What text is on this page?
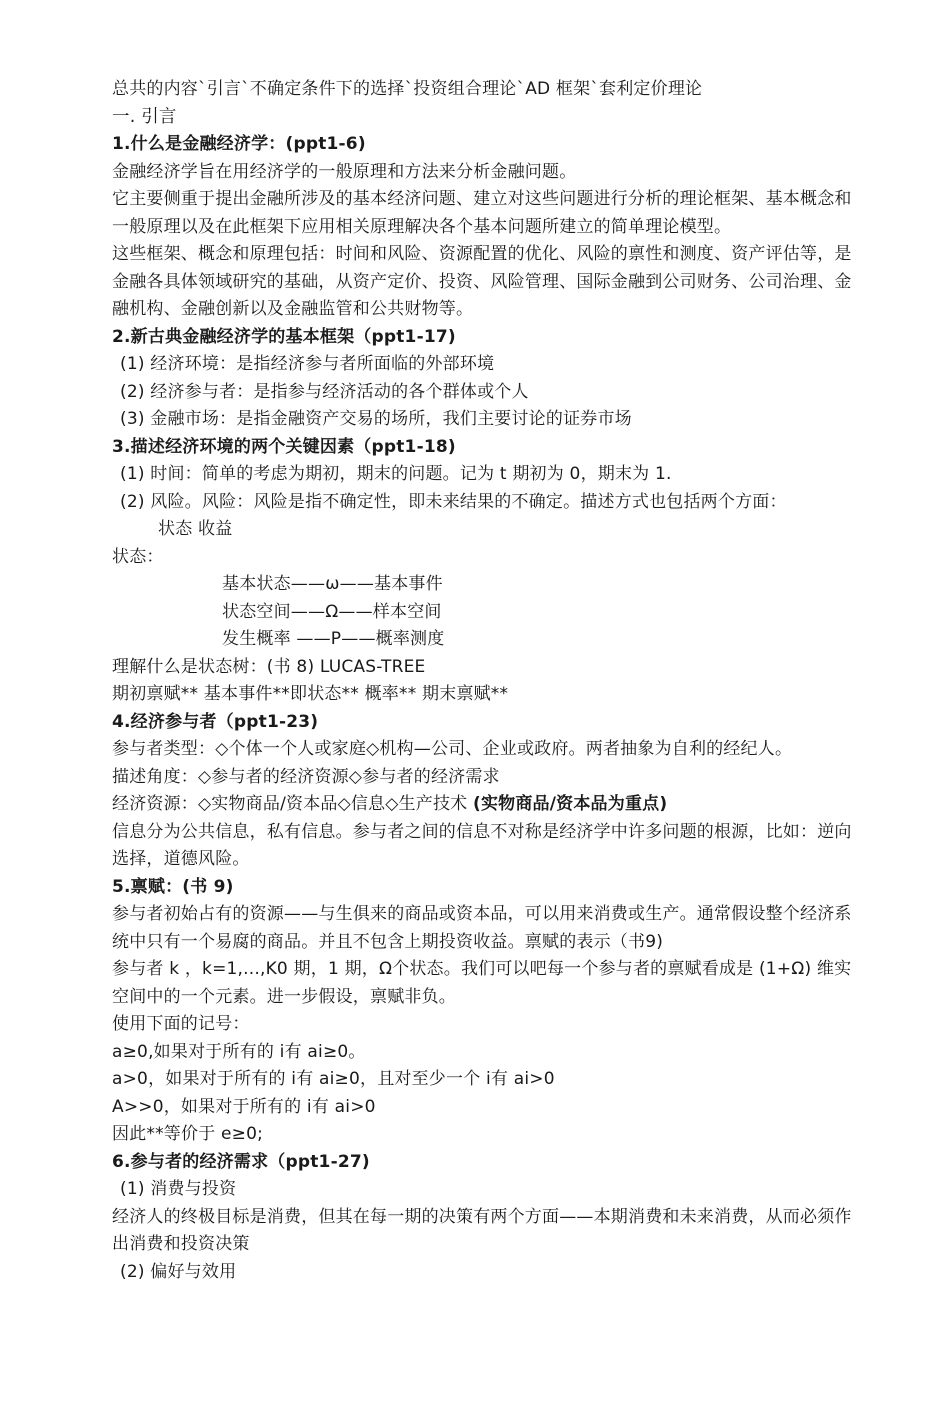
总共的内容`引言`不确定条件下的选择`投资组合理论`AD 框架`套利定价理论
一. 引言
1.什么是金融经济学：(ppt1-6)
金融经济学旨在用经济学的一般原理和方法来分析金融问题。
它主要侧重于提出金融所涉及的基本经济问题、建立对这些问题进行分析的理论框架、基本概念和一般原理以及在此框架下应用相关原理解决各个基本问题所建立的简单理论模型。
这些框架、概念和原理包括：时间和风险、资源配置的优化、风险的禀性和测度、资产评估等，是金融各具体领域研究的基础，从资产定价、投资、风险管理、国际金融到公司财务、公司治理、金融机构、金融创新以及金融监管和公共财物等。
2.新古典金融经济学的基本框架（ppt1-17)
(1) 经济环境：是指经济参与者所面临的外部环境
(2) 经济参与者：是指参与经济活动的各个群体或个人
(3) 金融市场：是指金融资产交易的场所，我们主要讨论的证券市场
3.描述经济环境的两个关键因素（ppt1-18)
(1) 时间：简单的考虑为期初，期末的问题。记为 t 期初为 0，期末为 1.
(2) 风险。风险：风险是指不确定性，即未来结果的不确定。描述方式也包括两个方面：
状态 收益
状态：
基本状态——ω——基本事件
状态空间——Ω——样本空间
发生概率 ——P——概率测度
理解什么是状态树：(书 8) LUCAS-TREE
期初禀赋** 基本事件**即状态** 概率** 期末禀赋**
4.经济参与者（ppt1-23)
参与者类型：◇个体一个人或家庭◇机构—公司、企业或政府。两者抽象为自利的经纪人。
描述角度：◇参与者的经济资源◇参与者的经济需求
经济资源：◇实物商品/资本品◇信息◇生产技术 (实物商品/资本品为重点)
信息分为公共信息，私有信息。参与者之间的信息不对称是经济学中许多问题的根源，比如：逆向选择，道德风险。
5.禀赋：(书 9)
参与者初始占有的资源——与生俱来的商品或资本品，可以用来消费或生产。通常假设整个经济系统中只有一个易腐的商品。并且不包含上期投资收益。禀赋的表示（书9)
参与者 k ，k=1,...,K0 期，1 期，Ω个状态。我们可以吧每一个参与者的禀赋看成是 (1+Ω) 维实空间中的一个元素。进一步假设，禀赋非负。
使用下面的记号：
a≥0,如果对于所有的 i有 ai≥0。
a>0，如果对于所有的 i有 ai≥0，且对至少一个 i有 ai>0
A>>0，如果对于所有的 i有 ai>0
因此**等价于 e≥0;
6.参与者的经济需求（ppt1-27)
(1) 消费与投资
经济人的终极目标是消费，但其在每一期的决策有两个方面——本期消费和未来消费，从而必须作出消费和投资决策
(2) 偏好与效用
